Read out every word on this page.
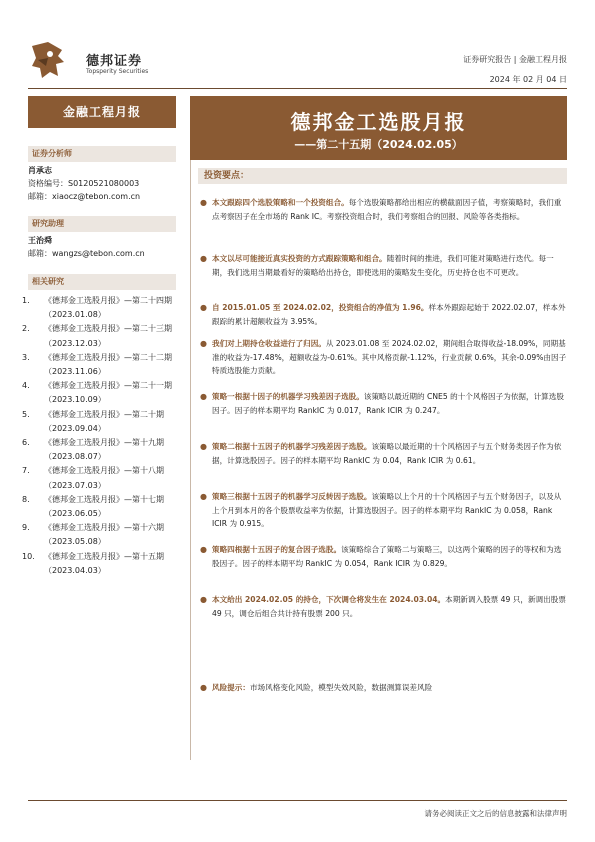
德邦证券
Topsperity Securities
证券研究报告 | 金融工程月报
2024 年 02 月 04 日
金融工程月报	德邦金工选股月报
——第二十五期（2024.02.05）
证券分析师
肖承志
资格编号：S0120521080003
邮箱：xiaocz@tebon.com.cn
研究助理
王治舜
邮箱：wangzs@tebon.com.cn
相关研究
1.	《德邦金工选股月报》—第二十四期（2023.01.08）
2.	《德邦金工选股月报》—第二十三期（2023.12.03）
3.	《德邦金工选股月报》—第二十二期（2023.11.06）
4.	《德邦金工选股月报》—第二十一期（2023.10.09）
5.	《德邦金工选股月报》—第二十期（2023.09.04）
6.	《德邦金工选股月报》—第十九期（2023.08.07）
7.	《德邦金工选股月报》—第十八期（2023.07.03）
8.	《德邦金工选股月报》—第十七期（2023.06.05）
9.	《德邦金工选股月报》—第十六期（2023.05.08）
10.	《德邦金工选股月报》—第十五期（2023.04.03）
投资要点：
● 本文跟踪四个选股策略和一个投资组合。每个选股策略都给出相应的横截面因子值，考察策略时，我们重点考察因子在全市场的 Rank IC。考察投资组合时，我们考察组合的回报、风险等各类指标。
● 本文以尽可能接近真实投资的方式跟踪策略和组合。随着时间的推进，我们可能对策略进行迭代。每一期，我们选用当期最看好的策略给出持仓，即使选用的策略发生变化，历史持仓也不可更改。
● 自 2015.01.05 至 2024.02.02，投资组合的净值为 1.96。样本外跟踪起始于 2022.02.07，样本外跟踪的累计超额收益为 3.95%。
● 我们对上期持仓收益进行了归因。从 2023.01.08 至 2024.02.02，期间组合取得收益-18.09%，同期基准的收益为-17.48%，超额收益为-0.61%。其中风格贡献-1.12%，行业贡献 0.6%，其余-0.09%由因子特质选股能力贡献。
● 策略一根据十因子的机器学习残差因子选股。该策略以最近期的 CNE5 的十个风格因子为依据，计算选股因子。因子的样本期平均 RankIC 为 0.017，Rank ICIR 为 0.247。
● 策略二根据十五因子的机器学习残差因子选股。该策略以最近期的十个风格因子与五个财务类因子作为依据，计算选股因子。因子的样本期平均 RankIC 为 0.04，Rank ICIR 为 0.61。
● 策略三根据十五因子的机器学习反转因子选股。该策略以上个月的十个风格因子与五个财务因子，以及从上个月到本月的各个股票收益率为依据，计算选股因子。因子的样本期平均 RankIC 为 0.058，Rank ICIR 为 0.915。
● 策略四根据十五因子的复合因子选股。该策略综合了策略二与策略三，以这两个策略的因子的等权和为选股因子。因子的样本期平均 RankIC 为 0.054，Rank ICIR 为 0.829。
● 本文给出 2024.02.05 的持仓，下次调仓将发生在 2024.03.04。本期新调入股票 49 只，新调出股票 49 只，调仓后组合共计持有股票 200 只。
● 风险提示：市场风格变化风险，模型失效风险，数据测算误差风险
请务必阅读正文之后的信息披露和法律声明
